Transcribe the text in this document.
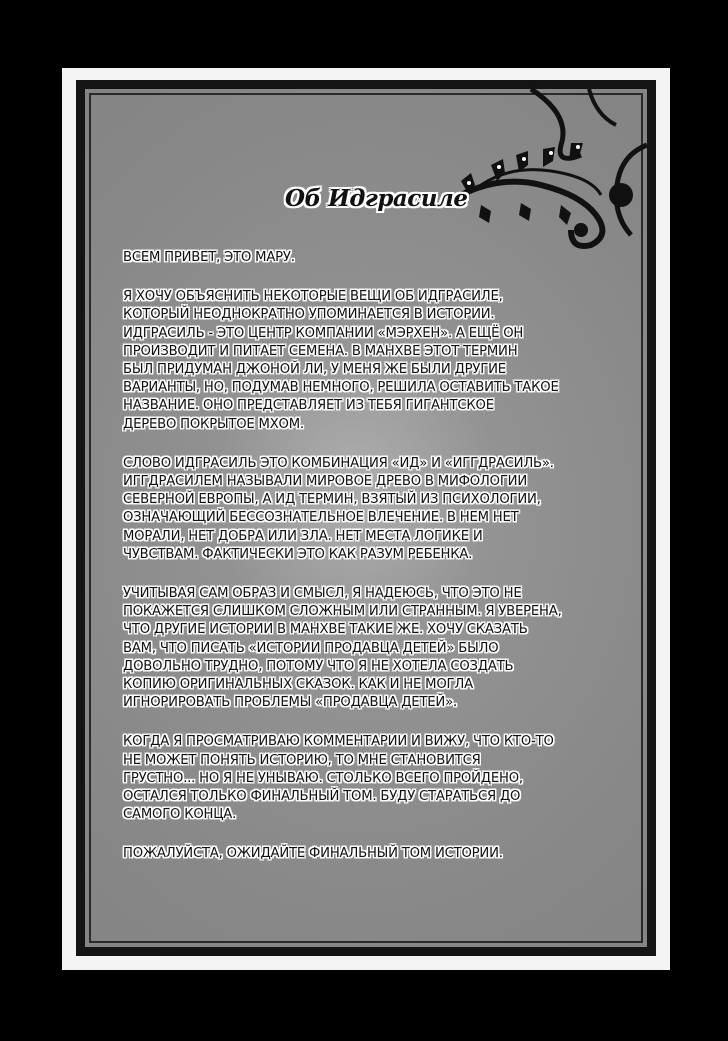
Об Идграсиле
ВСЕМ ПРИВЕТ, ЭТО МАРУ.
Я ХОЧУ ОБЪЯСНИТЬ НЕКОТОРЫЕ ВЕЩИ ОБ ИДГРАСИЛЕ,
КОТОРЫЙ НЕОДНОКРАТНО УПОМИНАЕТСЯ В ИСТОРИИ.
ИДГРАСИЛЬ - ЭТО ЦЕНТР КОМПАНИИ «МЭРХЕН». А ЕЩЁ ОН
ПРОИЗВОДИТ И ПИТАЕТ СЕМЕНА. В МАНХВЕ ЭТОТ ТЕРМИН
БЫЛ ПРИДУМАН ДЖОНОЙ ЛИ, У МЕНЯ ЖЕ БЫЛИ ДРУГИЕ
ВАРИАНТЫ, НО, ПОДУМАВ НЕМНОГО, РЕШИЛА ОСТАВИТЬ ТАКОЕ
НАЗВАНИЕ. ОНО ПРЕДСТАВЛЯЕТ ИЗ ТЕБЯ ГИГАНТСКОЕ
ДЕРЕВО ПОКРЫТОЕ МХОМ.
СЛОВО ИДГРАСИЛЬ ЭТО КОМБИНАЦИЯ «ИД» И «ИГГДРАСИЛЬ».
ИГГДРАСИЛЕМ НАЗЫВАЛИ МИРОВОЕ ДРЕВО В МИФОЛОГИИ
СЕВЕРНОЙ ЕВРОПЫ, А ИД ТЕРМИН, ВЗЯТЫЙ ИЗ ПСИХОЛОГИИ,
ОЗНАЧАЮЩИЙ БЕССОЗНАТЕЛЬНОЕ ВЛЕЧЕНИЕ. В НЕМ НЕТ
МОРАЛИ, НЕТ ДОБРА ИЛИ ЗЛА. НЕТ МЕСТА ЛОГИКЕ И
ЧУВСТВАМ. ФАКТИЧЕСКИ ЭТО КАК РАЗУМ РЕБЕНКА.
УЧИТЫВАЯ САМ ОБРАЗ И СМЫСЛ, Я НАДЕЮСЬ, ЧТО ЭТО НЕ
ПОКАЖЕТСЯ СЛИШКОМ СЛОЖНЫМ ИЛИ СТРАННЫМ. Я УВЕРЕНА,
ЧТО ДРУГИЕ ИСТОРИИ В МАНХВЕ ТАКИЕ ЖЕ. ХОЧУ СКАЗАТЬ
ВАМ, ЧТО ПИСАТЬ «ИСТОРИИ ПРОДАВЦА ДЕТЕЙ» БЫЛО
ДОВОЛЬНО ТРУДНО, ПОТОМУ ЧТО Я НЕ ХОТЕЛА СОЗДАТЬ
КОПИЮ ОРИГИНАЛЬНЫХ СКАЗОК. КАК И НЕ МОГЛА
ИГНОРИРОВАТЬ ПРОБЛЕМЫ «ПРОДАВЦА ДЕТЕЙ».
КОГДА Я ПРОСМАТРИВАЮ КОММЕНТАРИИ И ВИЖУ, ЧТО КТО-ТО
НЕ МОЖЕТ ПОНЯТЬ ИСТОРИЮ, ТО МНЕ СТАНОВИТСЯ
ГРУСТНО... НО Я НЕ УНЫВАЮ. СТОЛЬКО ВСЕГО ПРОЙДЕНО,
ОСТАЛСЯ ТОЛЬКО ФИНАЛЬНЫЙ ТОМ. БУДУ СТАРАТЬСЯ ДО
САМОГО КОНЦА.
ПОЖАЛУЙСТА, ОЖИДАЙТЕ ФИНАЛЬНЫЙ ТОМ ИСТОРИИ.
